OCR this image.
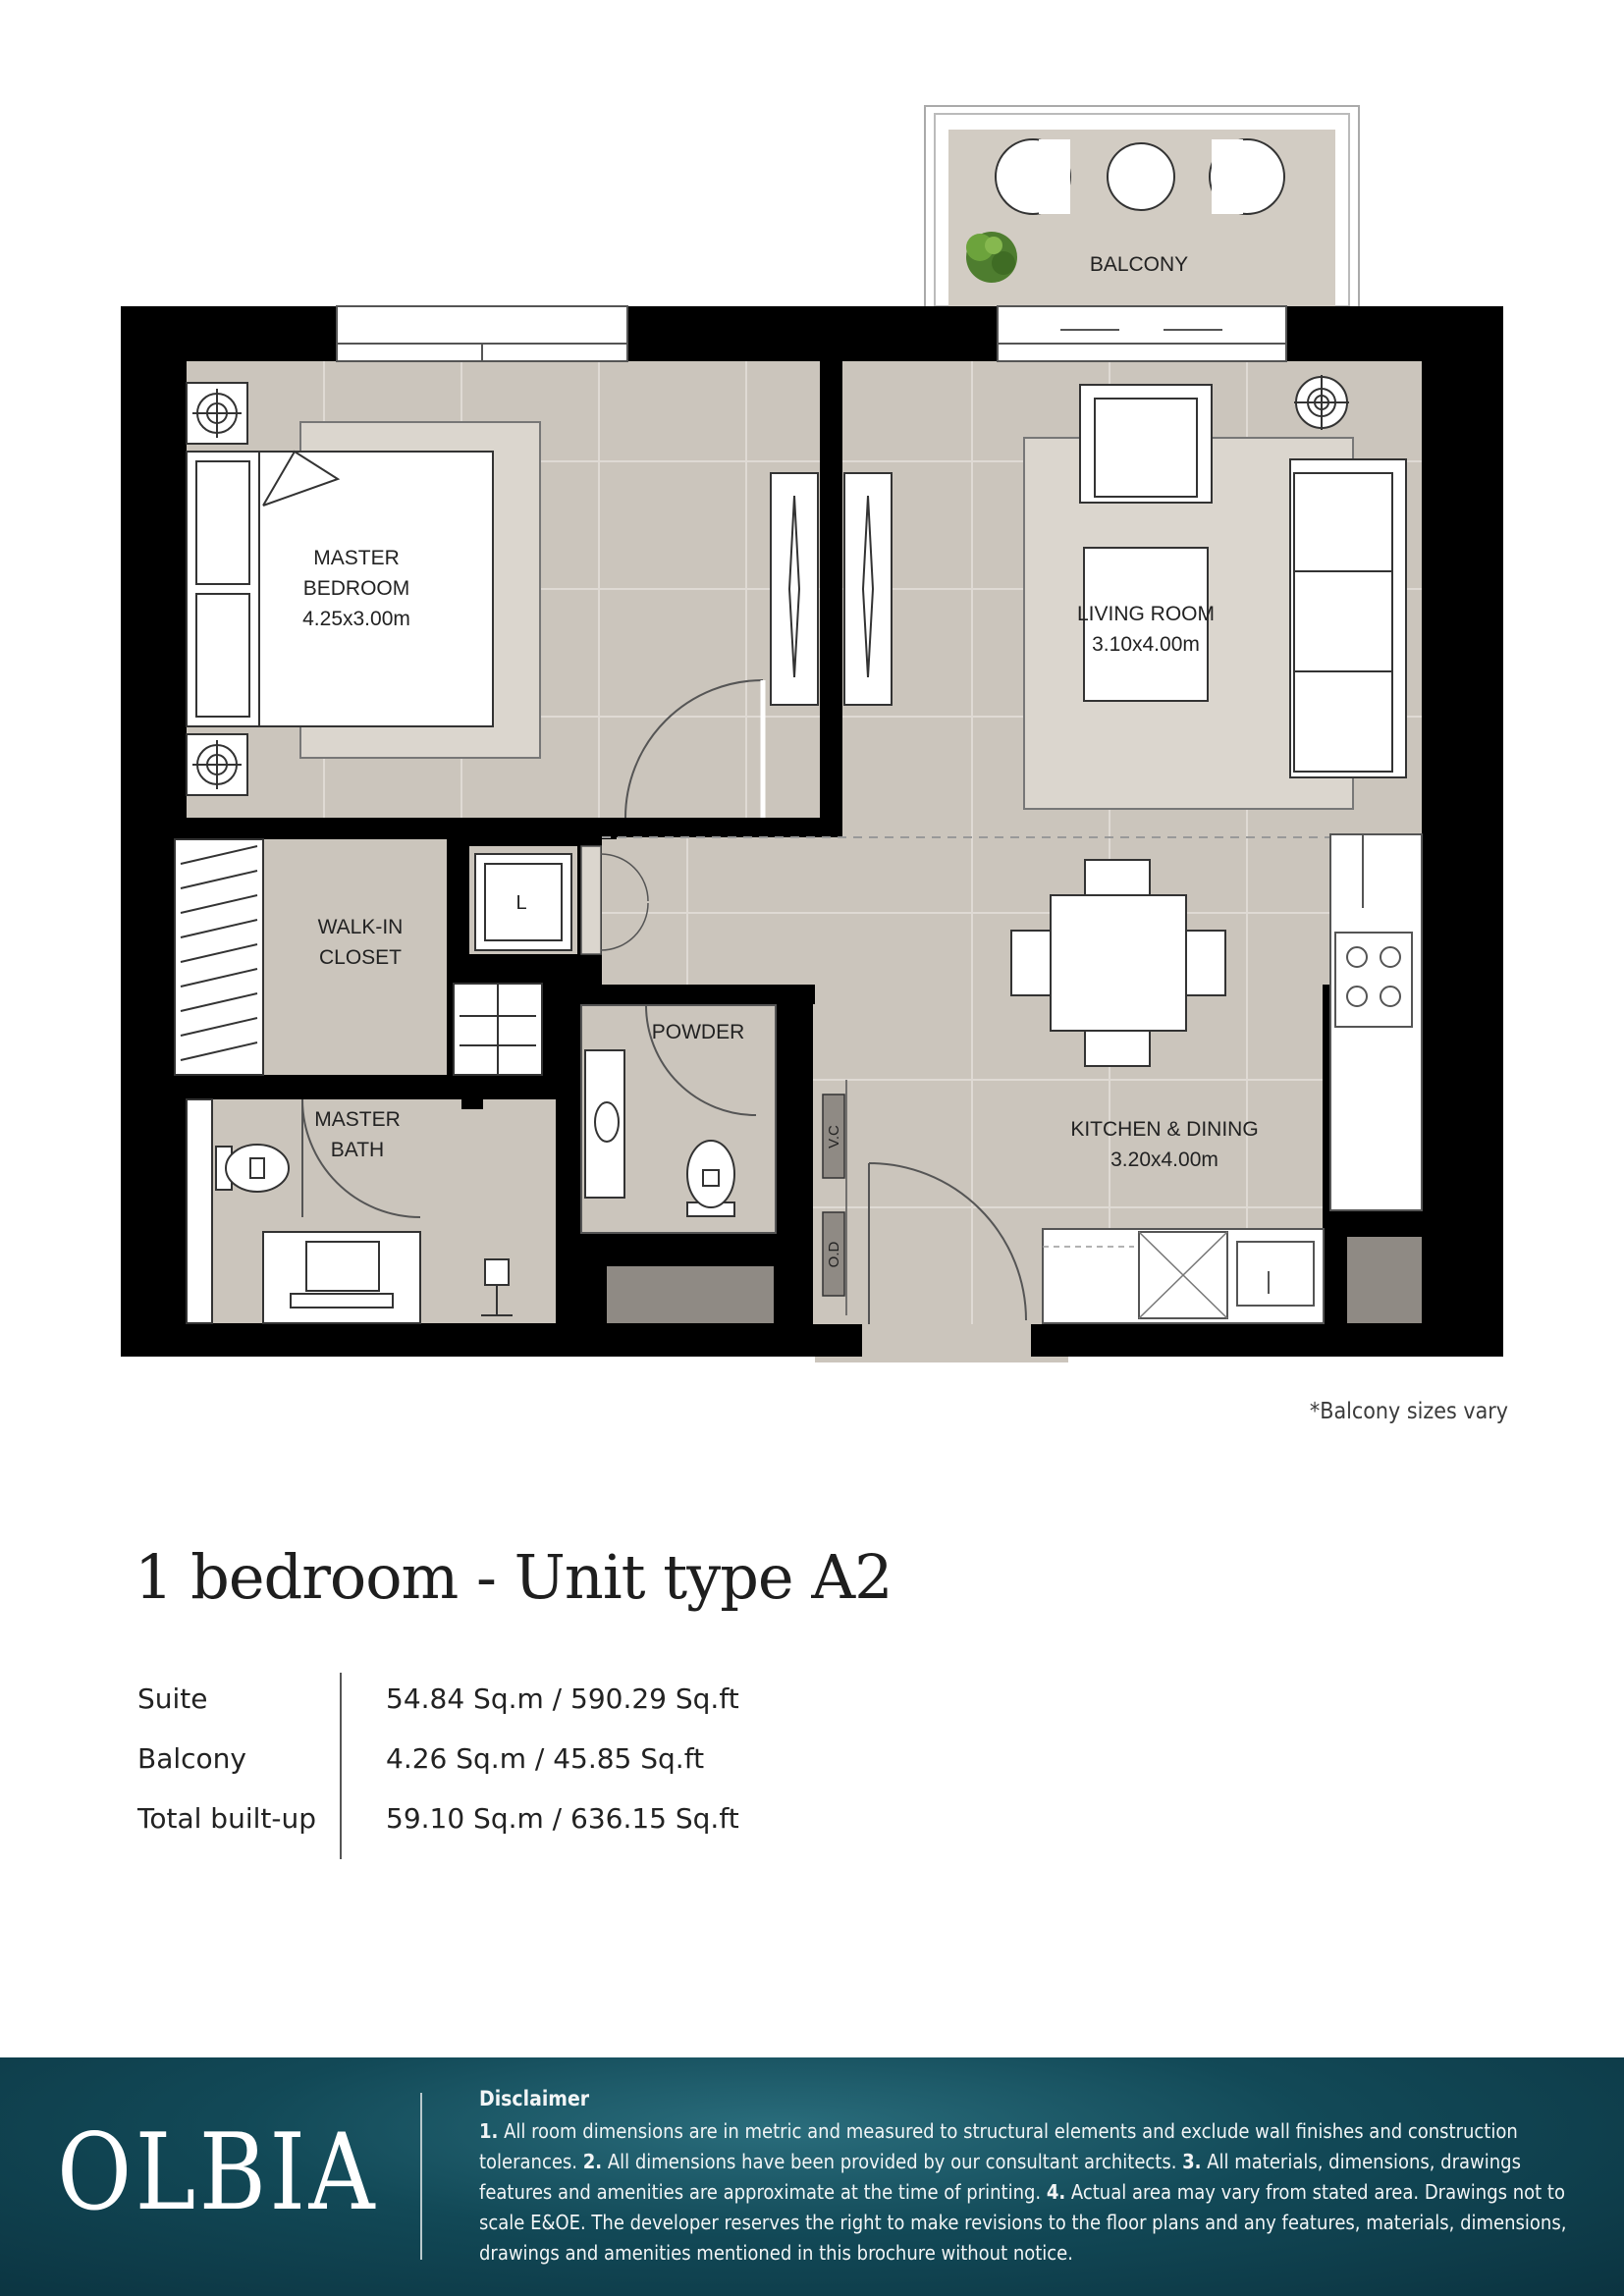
BALCONY
MASTER
BEDROOM
4.25x3.00m	LIVING ROOM
3.10x4.00m
KITCHEN & DINING
3.20x4.00m
V.C
O.D
L
WALK-IN
CLOSET
MASTER
BATH
POWDER
*Balcony sizes vary
1 bedroom - Unit type A2
Suite	54.84 Sq.m / 590.29 Sq.ft
Balcony	4.26 Sq.m / 45.85 Sq.ft
Total built-up	59.10 Sq.m / 636.15 Sq.ft
OLBIA
Disclaimer

1. All room dimensions are in metric and measured to structural elements and exclude wall finishes and construction tolerances. 2. All dimensions have been provided by our consultant architects. 3. All materials, dimensions, drawings features and amenities are approximate at the time of printing. 4. Actual area may vary from stated area. Drawings not to scale E&OE. The developer reserves the right to make revisions to the floor plans and any features, materials, dimensions, drawings and amenities mentioned in this brochure without notice.
